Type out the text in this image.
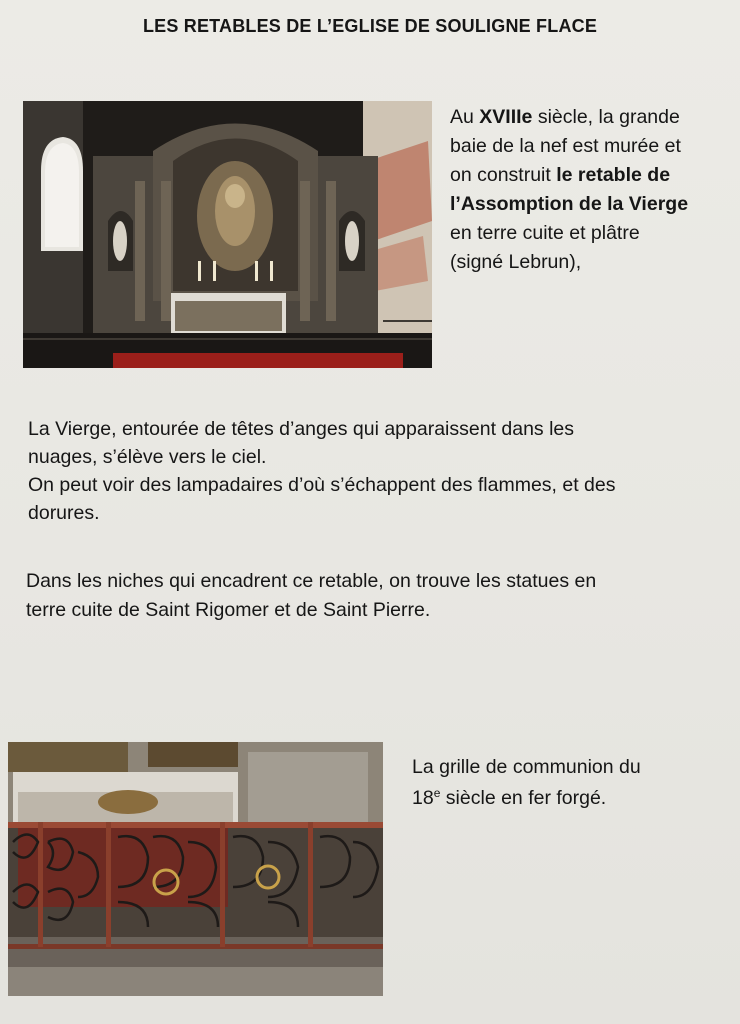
LES RETABLES DE L’EGLISE DE SOULIGNE FLACE

Au XVIIIe siècle, la grande

baie de la nef est murée et

on construit le retable de

l’Assomption de la Vierge

en terre cuite et plâtre

(signé Lebrun),

La Vierge, entourée de têtes d’anges qui apparaissent dans les

nuages, s’élève vers le ciel.

On peut voir des lampadaires d’où s’échappent des flammes, et des

dorures.

Dans les niches qui encadrent ce retable, on trouve les statues en

terre cuite de Saint Rigomer et de Saint Pierre.

La grille de communion du

18e siècle en fer forgé.
